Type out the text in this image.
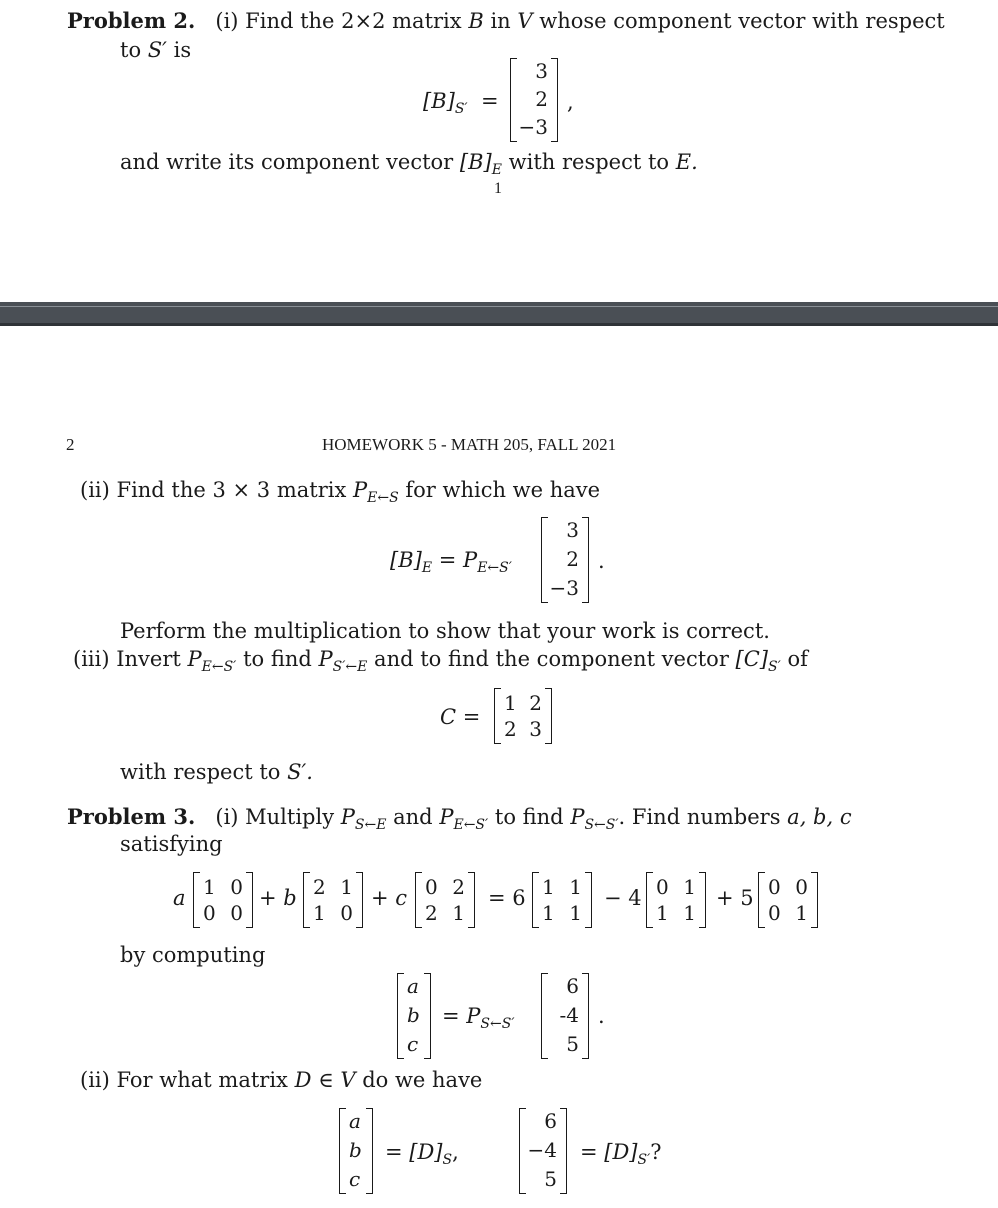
Problem 2. (i) Find the 2×2 matrix B in V whose component vector with respect
to S′ is
$[B]_{S'}$ =
3
2
−3
,
and write its component vector $[B]_E$ with respect to E.
1
2	HOMEWORK 5 - MATH 205, FALL 2021
(ii) Find the 3 × 3 matrix $P_{E\leftarrow S}$ for which we have
$[B]_E = P_{E\leftarrow S'}$
3
2
−3
.
Perform the multiplication to show that your work is correct.
(iii) Invert $P_{E\leftarrow S'}$ to find $P_{S'\leftarrow E}$ and to find the component vector $[C]_{S'}$ of
C =
1 2
2 3
with respect to S′.
Problem 3. (i) Multiply $P_{S\leftarrow E}$ and $P_{E\leftarrow S'}$ to find $P_{S\leftarrow S'}$. Find numbers a, b, c
satisfying
a 1 0
0 0
+ b 2 1
1 0
+ c 0 2
2 1
= 6 1 1
1 1
− 4 0 1
1 1
+ 5 0 0
0 1
by computing
a
b
c
= $P_{S\leftarrow S'}$
6
-4
5
.
(ii) For what matrix D ∈ V do we have
a
b
c
= $[D]_S$,
6
−4
5
= $[D]_{S'}$?
